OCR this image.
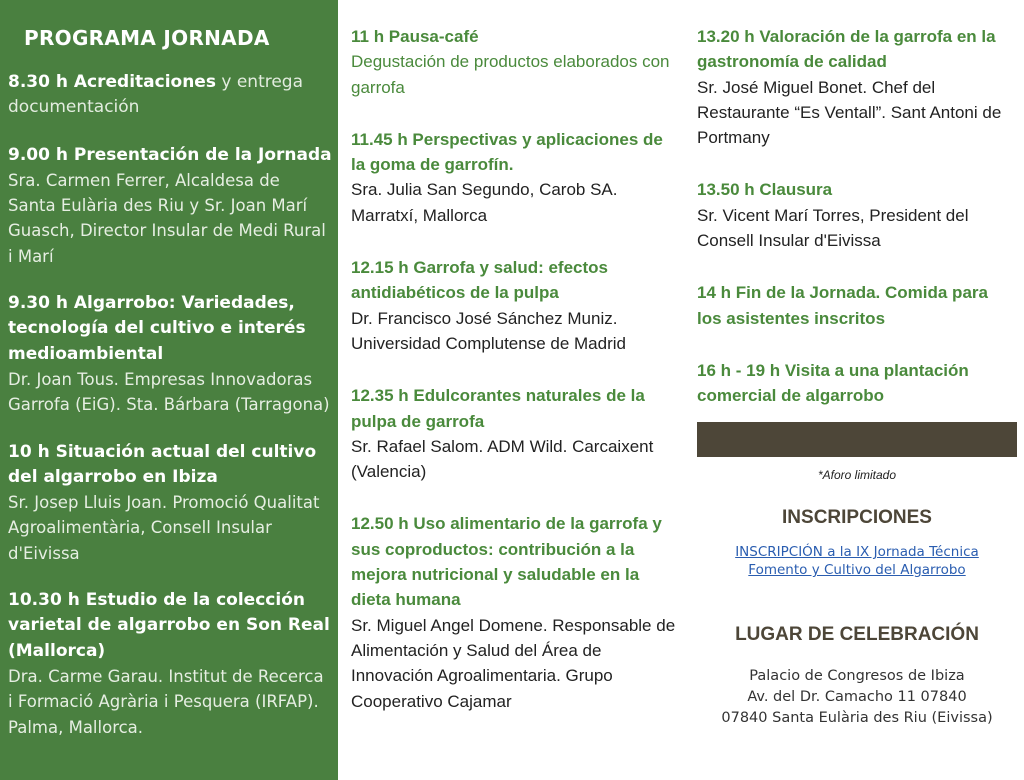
PROGRAMA JORNADA
8.30 h Acreditaciones y entrega documentación
9.00 h Presentación de la Jornada
Sra. Carmen Ferrer, Alcaldesa de Santa Eulària des Riu y Sr. Joan Marí Guasch, Director Insular de Medi Rural i Marí
9.30 h Algarrobo: Variedades, tecnología del cultivo e interés medioambiental
Dr. Joan Tous. Empresas Innovadoras Garrofa (EiG). Sta. Bárbara (Tarragona)
10 h Situación actual del cultivo del algarrobo en Ibiza
Sr. Josep Lluis Joan. Promoció Qualitat Agroalimentària, Consell Insular d'Eivissa
10.30 h Estudio de la colección varietal de algarrobo en Son Real (Mallorca)
Dra. Carme Garau. Institut de Recerca i Formació Agrària i Pesquera (IRFAP). Palma, Mallorca.
11 h Pausa-café
Degustación de productos elaborados con garrofa
11.45 h Perspectivas y aplicaciones de la goma de garrofín.
Sra. Julia San Segundo, Carob SA. Marratxí, Mallorca
12.15 h Garrofa y salud: efectos antidiabéticos de la pulpa
Dr. Francisco José Sánchez Muniz. Universidad Complutense de Madrid
12.35 h Edulcorantes naturales de la pulpa de garrofa
Sr. Rafael Salom. ADM Wild. Carcaixent (Valencia)
12.50 h Uso alimentario de la garrofa y sus coproductos: contribución a la mejora nutricional y saludable en la dieta humana
Sr. Miguel Angel Domene. Responsable de Alimentación y Salud del Área de Innovación Agroalimentaria. Grupo Cooperativo Cajamar
13.20 h Valoración de la garrofa en la gastronomía de calidad
Sr. José Miguel Bonet. Chef del Restaurante “Es Ventall”. Sant Antoni de Portmany
13.50 h Clausura
Sr. Vicent Marí Torres, President del Consell Insular d'Eivissa
14 h Fin de la Jornada. Comida para los asistentes inscritos
16 h - 19 h Visita a una plantación comercial de algarrobo
*Aforo limitado
INSCRIPCIONES
INSCRIPCIÓN a la IX Jornada Técnica
Fomento y Cultivo del Algarrobo
LUGAR DE CELEBRACIÓN
Palacio de Congresos de Ibiza
Av. del Dr. Camacho 11 07840
07840 Santa Eulària des Riu (Eivissa)
